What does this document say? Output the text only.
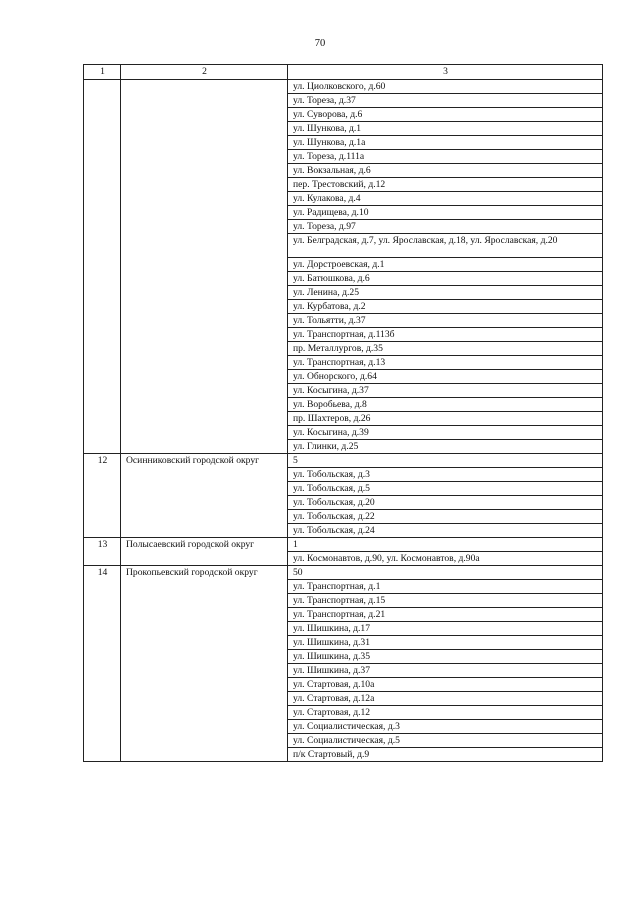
70
1	2	3
		ул. Циолковского, д.60
		ул. Тореза, д.37
		ул. Суворова, д.6
		ул. Шункова, д.1
		ул. Шункова, д.1а
		ул. Тореза, д.111а
		ул. Вокзальная, д.6
		пер. Трестовский, д.12
		ул. Кулакова, д.4
		ул. Радищева, д.10
		ул. Тореза, д.97
		ул. Белградская, д.7, ул. Ярославская, д.18, ул. Ярославская, д.20
		ул. Дорстроевская, д.1
		ул. Батюшкова, д.6
		ул. Ленина, д.25
		ул. Курбатова, д.2
		ул. Тольятти, д.37
		ул. Транспортная, д.113б
		пр. Металлургов, д.35
		ул. Транспортная, д.13
		ул. Обнорского, д.64
		ул. Косыгина, д.37
		ул. Воробьева, д.8
		пр. Шахтеров, д.26
		ул. Косыгина, д.39
		ул. Глинки, д.25
12	Осинниковский городской округ	5
		ул. Тобольская, д.3
		ул. Тобольская, д.5
		ул. Тобольская, д.20
		ул. Тобольская, д.22
		ул. Тобольская, д.24
13	Полысаевский городской округ	1
		ул. Космонавтов, д.90, ул. Космонавтов, д.90а
14	Прокопьевский городской округ	50
		ул. Транспортная, д.1
		ул. Транспортная, д.15
		ул. Транспортная, д.21
		ул. Шишкина, д.17
		ул. Шишкина, д.31
		ул. Шишкина, д.35
		ул. Шишкина, д.37
		ул. Стартовая, д.10а
		ул. Стартовая, д.12а
		ул. Стартовая, д.12
		ул. Социалистическая, д.3
		ул. Социалистическая, д.5
		п/к Стартовый, д.9
